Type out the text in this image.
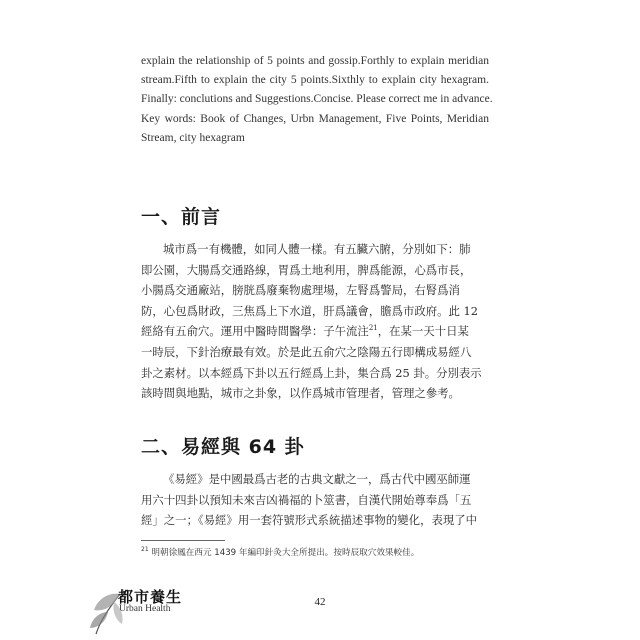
explain the relationship of 5 points and gossip.Forthly to explain meridian
stream.Fifth to explain the city 5 points.Sixthly to explain city hexagram.
Finally: conclutions and Suggestions.Concise. Please correct me in advance.
Key words: Book of Changes, Urbn Management, Five Points, Meridian
Stream, city hexagram
一、前言
城市爲一有機體，如同人體一樣。有五臟六腑，分別如下：肺
即公園，大腸爲交通路線，胃爲土地利用，脾爲能源，心爲市長，
小腸爲交通廠站，膀胱爲廢棄物處理場，左腎爲警局，右腎爲消
防，心包爲財政，三焦爲上下水道，肝爲議會，膽爲市政府。此 12
經絡有五俞穴。運用中醫時間醫學：子午流注$^{21}$，在某一天十日某
一時辰，下針治療最有效。於是此五俞穴之陰陽五行即構成易經八
卦之素材。以本經爲下卦以五行經爲上卦，集合爲 25 卦。分別表示
該時間與地點，城市之卦象，以作爲城市管理者，管理之參考。
二、易經與 64 卦
《易經》是中國最爲古老的古典文獻之一，爲古代中國巫師運
用六十四卦以預知未來吉凶禍福的卜筮書，自漢代開始尊奉爲「五
經」之一；《易經》用一套符號形式系統描述事物的變化，表現了中
$^{21}$ 明朝徐鳳在西元 1439 年編印針灸大全所提出。按時辰取穴效果較佳。
都市養生
Urban Health
42
